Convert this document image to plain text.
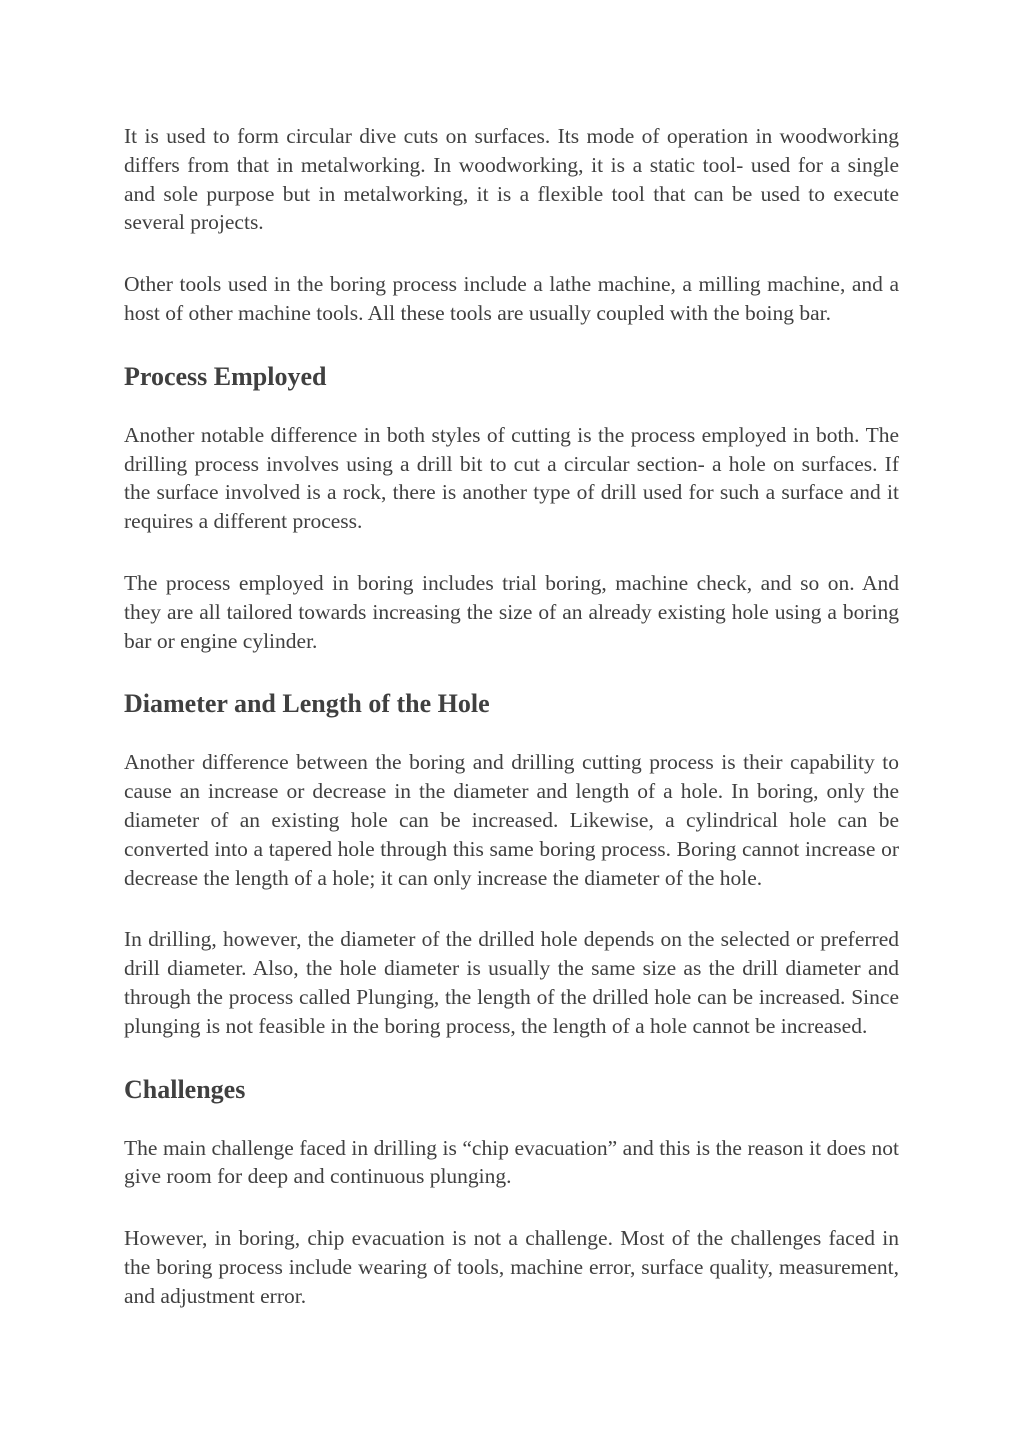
It is used to form circular dive cuts on surfaces. Its mode of operation in woodworking differs from that in metalworking. In woodworking, it is a static tool- used for a single and sole purpose but in metalworking, it is a flexible tool that can be used to execute several projects.

Other tools used in the boring process include a lathe machine, a milling machine, and a host of other machine tools. All these tools are usually coupled with the boing bar.

Process Employed

Another notable difference in both styles of cutting is the process employed in both. The drilling process involves using a drill bit to cut a circular section- a hole on surfaces. If the surface involved is a rock, there is another type of drill used for such a surface and it requires a different process.

The process employed in boring includes trial boring, machine check, and so on. And they are all tailored towards increasing the size of an already existing hole using a boring bar or engine cylinder.

Diameter and Length of the Hole

Another difference between the boring and drilling cutting process is their capability to cause an increase or decrease in the diameter and length of a hole. In boring, only the diameter of an existing hole can be increased. Likewise, a cylindrical hole can be converted into a tapered hole through this same boring process. Boring cannot increase or decrease the length of a hole; it can only increase the diameter of the hole.

In drilling, however, the diameter of the drilled hole depends on the selected or preferred drill diameter. Also, the hole diameter is usually the same size as the drill diameter and through the process called Plunging, the length of the drilled hole can be increased. Since plunging is not feasible in the boring process, the length of a hole cannot be increased.

Challenges

The main challenge faced in drilling is “chip evacuation” and this is the reason it does not give room for deep and continuous plunging.

However, in boring, chip evacuation is not a challenge. Most of the challenges faced in the boring process include wearing of tools, machine error, surface quality, measurement, and adjustment error.
